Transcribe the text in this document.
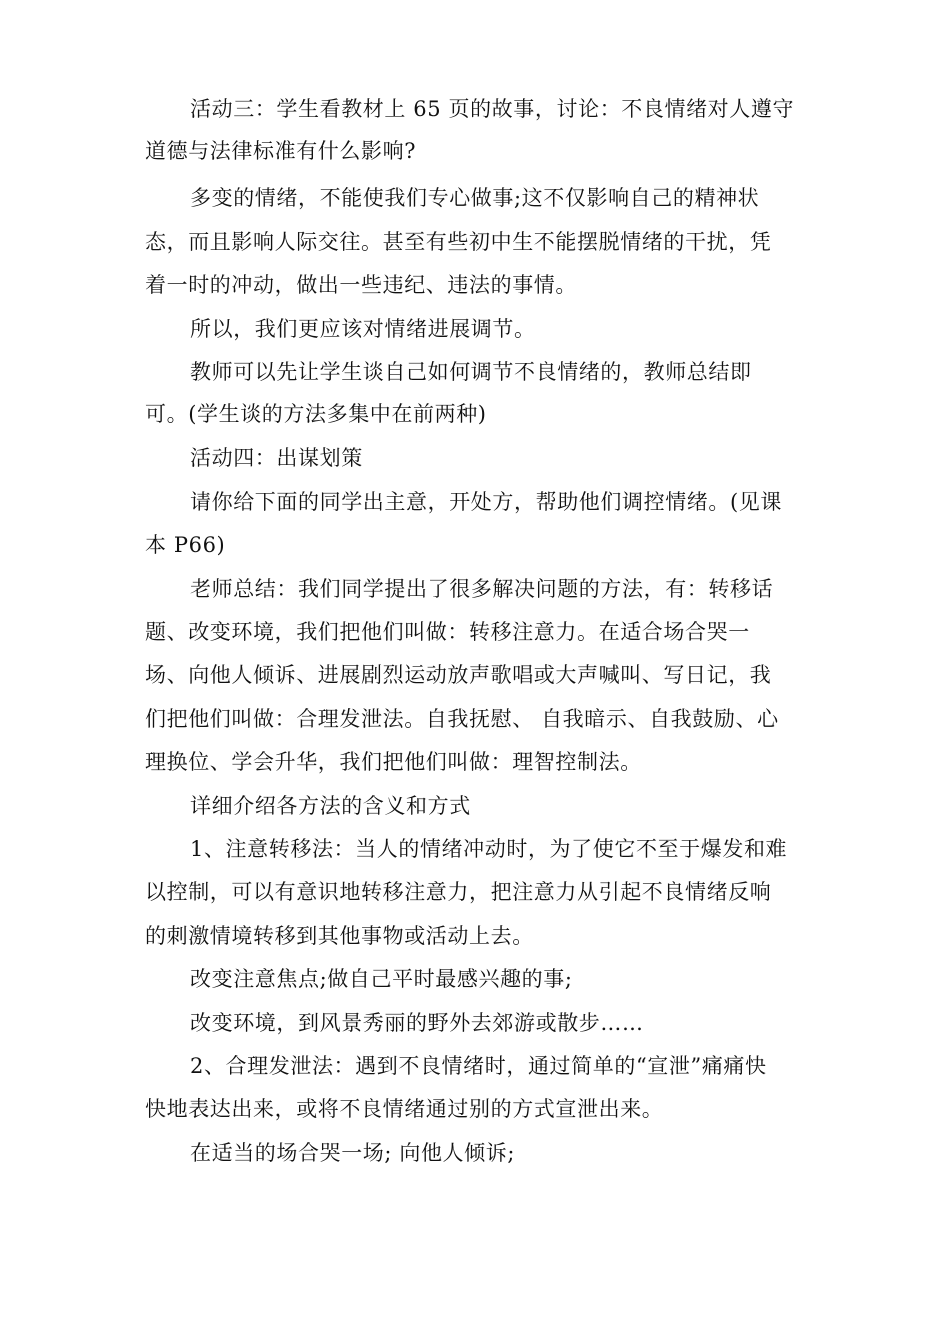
活动三：学生看教材上 65 页的故事，讨论：不良情绪对人遵守
道德与法律标准有什么影响?
多变的情绪，不能使我们专心做事;这不仅影响自己的精神状
态，而且影响人际交往。甚至有些初中生不能摆脱情绪的干扰，凭
着一时的冲动，做出一些违纪、违法的事情。
所以，我们更应该对情绪进展调节。
教师可以先让学生谈自己如何调节不良情绪的，教师总结即
可。(学生谈的方法多集中在前两种)
活动四：出谋划策
请你给下面的同学出主意，开处方，帮助他们调控情绪。(见课
本 P66)
老师总结：我们同学提出了很多解决问题的方法，有：转移话
题、改变环境，我们把他们叫做：转移注意力。在适合场合哭一
场、向他人倾诉、进展剧烈运动放声歌唱或大声喊叫、写日记，我
们把他们叫做：合理发泄法。自我抚慰、 自我暗示、自我鼓励、心
理换位、学会升华，我们把他们叫做：理智控制法。
详细介绍各方法的含义和方式
1、注意转移法：当人的情绪冲动时，为了使它不至于爆发和难
以控制，可以有意识地转移注意力，把注意力从引起不良情绪反响
的刺激情境转移到其他事物或活动上去。
改变注意焦点;做自己平时最感兴趣的事;
改变环境，到风景秀丽的野外去郊游或散步……
2、合理发泄法：遇到不良情绪时，通过简单的“宣泄”痛痛快
快地表达出来，或将不良情绪通过别的方式宣泄出来。
在适当的场合哭一场; 向他人倾诉;
